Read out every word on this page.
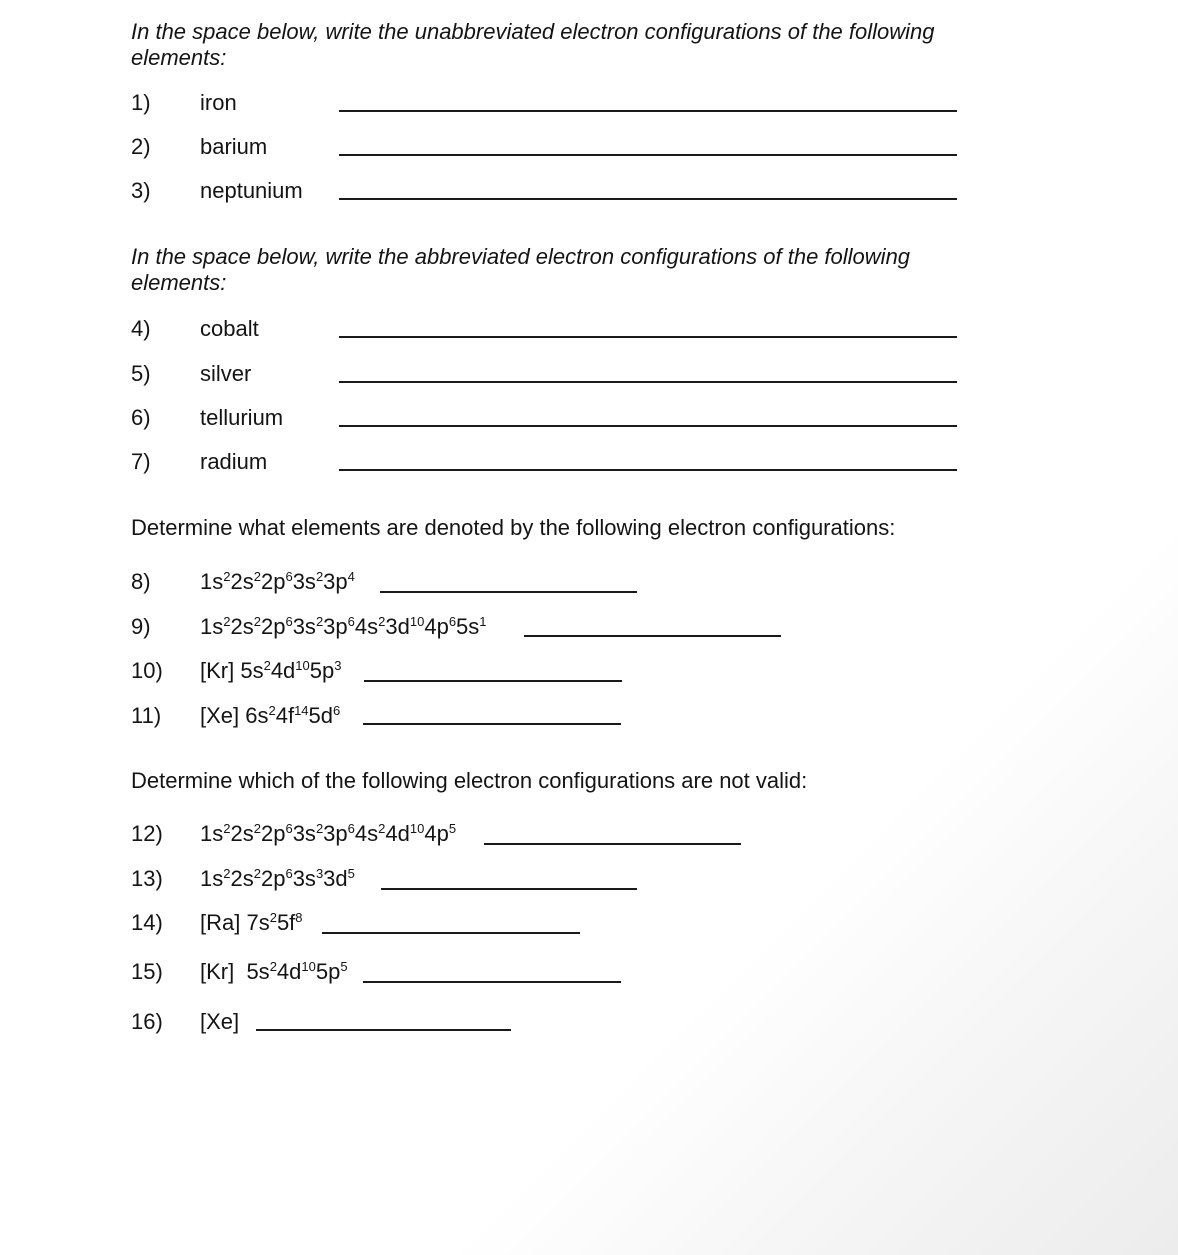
In the space below, write the unabbreviated electron configurations of the following elements:

1) iron
2) barium
3) neptunium

In the space below, write the abbreviated electron configurations of the following elements:

4) cobalt
5) silver
6) tellurium
7) radium

Determine what elements are denoted by the following electron configurations:

8) $1s^22s^22p^63s^23p^4$
9) $1s^22s^22p^63s^23p^64s^23d^{10}4p^65s^1$
10) [Kr] $5s^24d^{10}5p^3$
11) [Xe] $6s^24f^{14}5d^6$

Determine which of the following electron configurations are not valid:

12) $1s^22s^22p^63s^23p^64s^24d^{10}4p^5$
13) $1s^22s^22p^63s^33d^5$
14) [Ra] $7s^25f^8$
15) [Kr]  $5s^24d^{10}5p^5$
16) [Xe]
